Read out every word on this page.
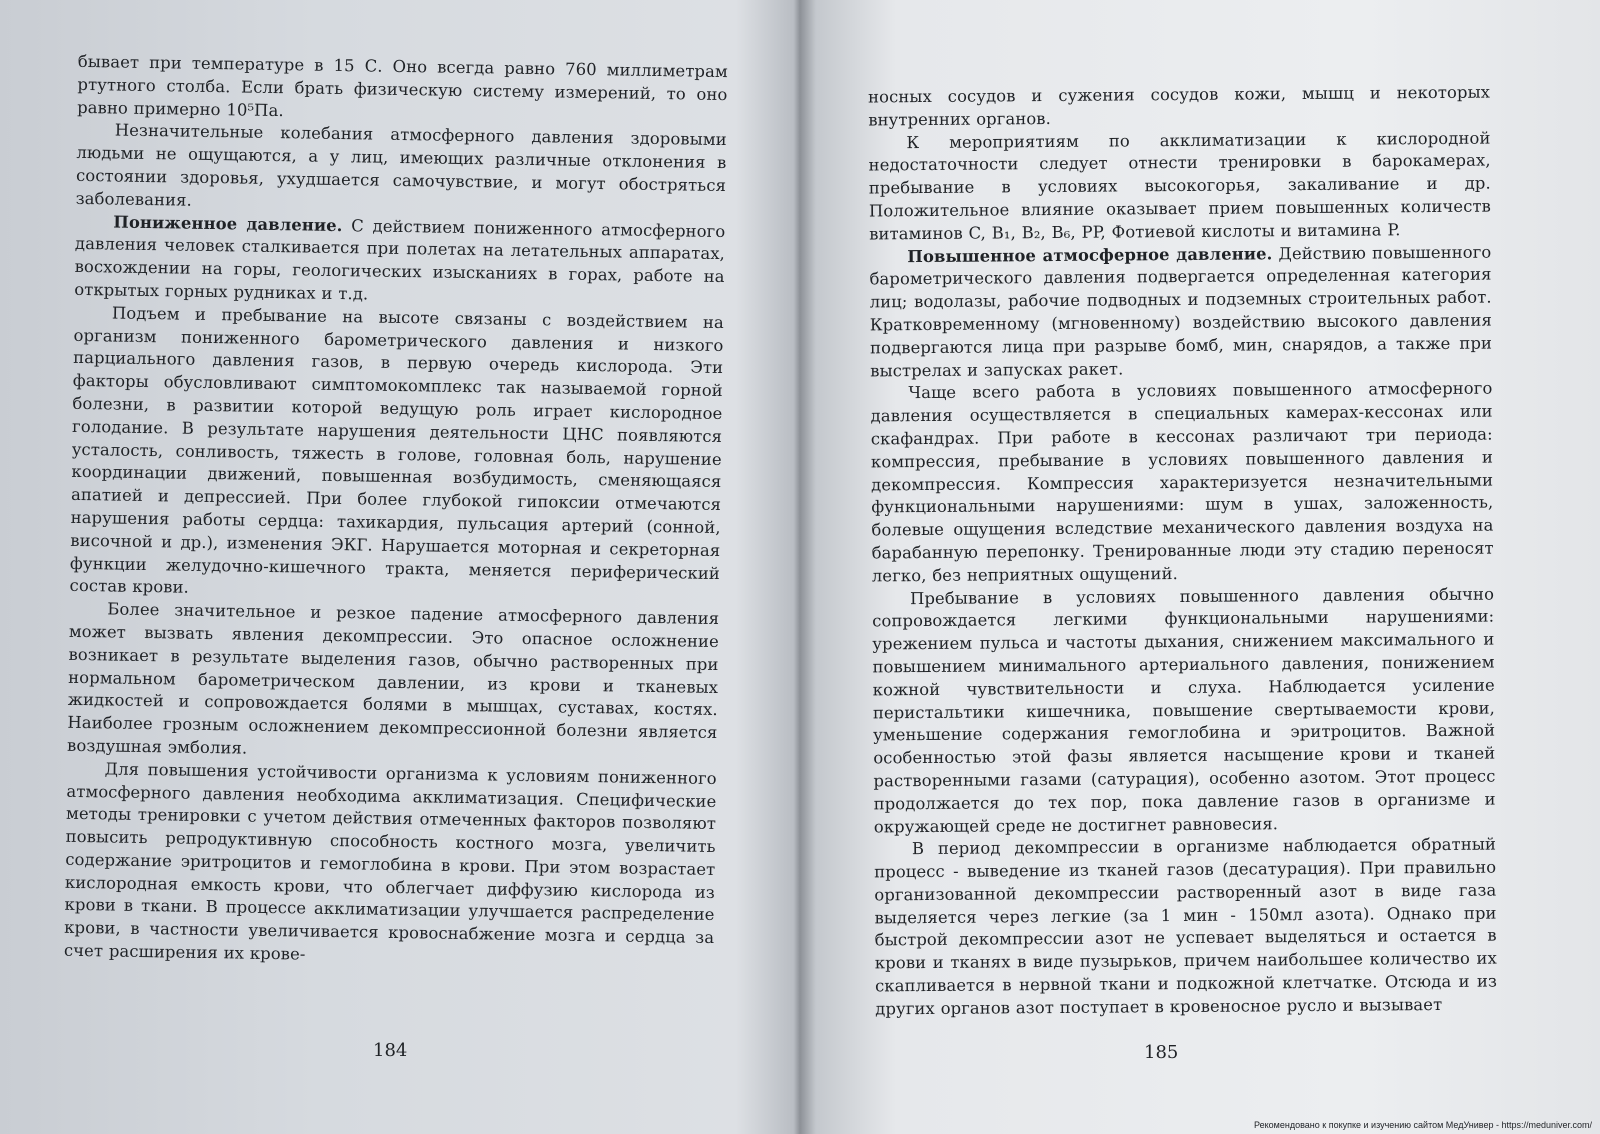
бывает при температуре в 15 С. Оно всегда равно 760 миллиметрам ртутного столба. Если брать физическую систему измерений, то оно равно примерно 10⁵Па.

Незначительные колебания атмосферного давления здоровыми людьми не ощущаются, а у лиц, имеющих различные отклонения в состоянии здоровья, ухудшается самочувствие, и могут обостряться заболевания.

Пониженное давление. С действием пониженного атмосферного давления человек сталкивается при полетах на летательных аппаратах, восхождении на горы, геологических изысканиях в горах, работе на открытых горных рудниках и т.д.

Подъем и пребывание на высоте связаны с воздействием на организм пониженного барометрического давления и низкого парциального давления газов, в первую очередь кислорода. Эти факторы обусловливают симптомокомплекс так называемой горной болезни, в развитии которой ведущую роль играет кислородное голодание. В результате нарушения деятельности ЦНС появляются усталость, сонливость, тяжесть в голове, головная боль, нарушение координации движений, повышенная возбудимость, сменяющаяся апатией и депрессией. При более глубокой гипоксии отмечаются нарушения работы сердца: тахикардия, пульсация артерий (сонной, височной и др.), изменения ЭКГ. Нарушается моторная и секреторная функции желудочно-кишечного тракта, меняется периферический состав крови.

Более значительное и резкое падение атмосферного давления может вызвать явления декомпрессии. Это опасное осложнение возникает в результате выделения газов, обычно растворенных при нормальном барометрическом давлении, из крови и тканевых жидкостей и сопровождается болями в мышцах, суставах, костях. Наиболее грозным осложнением декомпрессионной болезни является воздушная эмболия.

Для повышения устойчивости организма к условиям пониженного атмосферного давления необходима акклиматизация. Специфические методы тренировки с учетом действия отмеченных факторов позволяют повысить репродуктивную способность костного мозга, увеличить содержание эритроцитов и гемоглобина в крови. При этом возрастает кислородная емкость крови, что облегчает диффузию кислорода из крови в ткани. В процессе акклиматизации улучшается распределение крови, в частности увеличивается кровоснабжение мозга и сердца за счет расширения их крове-

184

носных сосудов и сужения сосудов кожи, мышц и некоторых внутренних органов.

К мероприятиям по акклиматизации к кислородной недостаточности следует отнести тренировки в барокамерах, пребывание в условиях высокогорья, закаливание и др. Положительное влияние оказывает прием повышенных количеств витаминов C, B₁, B₂, B₆, PP, Фотиевой кислоты и витамина P.

Повышенное атмосферное давление. Действию повышенного барометрического давления подвергается определенная категория лиц; водолазы, рабочие подводных и подземных строительных работ. Кратковременному (мгновенному) воздействию высокого давления подвергаются лица при разрыве бомб, мин, снарядов, а также при выстрелах и запусках ракет.

Чаще всего работа в условиях повышенного атмосферного давления осуществляется в специальных камерах-кессонах или скафандрах. При работе в кессонах различают три периода: компрессия, пребывание в условиях повышенного давления и декомпрессия. Компрессия характеризуется незначительными функциональными нарушениями: шум в ушах, заложенность, болевые ощущения вследствие механического давления воздуха на барабанную перепонку. Тренированные люди эту стадию переносят легко, без неприятных ощущений.

Пребывание в условиях повышенного давления обычно сопровождается легкими функциональными нарушениями: урежением пульса и частоты дыхания, снижением максимального и повышением минимального артериального давления, понижением кожной чувствительности и слуха. Наблюдается усиление перистальтики кишечника, повышение свертываемости крови, уменьшение содержания гемоглобина и эритроцитов. Важной особенностью этой фазы является насыщение крови и тканей растворенными газами (сатурация), особенно азотом. Этот процесс продолжается до тех пор, пока давление газов в организме и окружающей среде не достигнет равновесия.

В период декомпрессии в организме наблюдается обратный процесс - выведение из тканей газов (десатурация). При правильно организованной декомпрессии растворенный азот в виде газа выделяется через легкие (за 1 мин - 150мл азота). Однако при быстрой декомпрессии азот не успевает выделяться и остается в крови и тканях в виде пузырьков, причем наибольшее количество их скапливается в нервной ткани и подкожной клетчатке. Отсюда и из других органов азот поступает в кровеносное русло и вызывает

185
Рекомендовано к покупке и изучению сайтом МедУнивер - https://meduniver.com/
